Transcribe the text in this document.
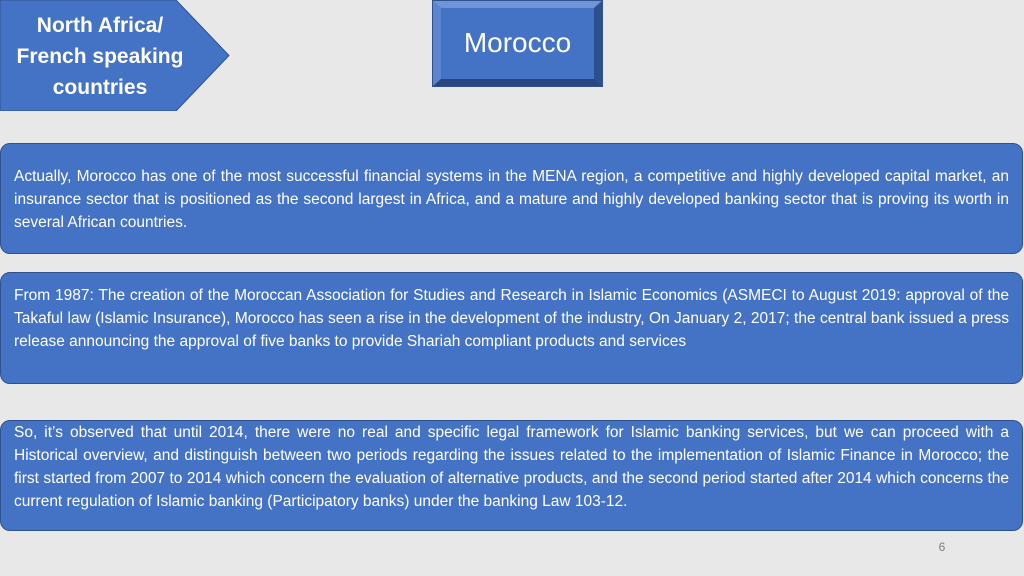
North Africa/
French speaking
countries
Morocco
Actually, Morocco has one of the most successful financial systems in the MENA region, a competitive and highly developed capital market, an insurance sector that is positioned as the second largest in Africa, and a mature and highly developed banking sector that is proving its worth in several African countries.
From 1987: The creation of the Moroccan Association for Studies and Research in Islamic Economics (ASMECI to August 2019: approval of the Takaful law (Islamic Insurance), Morocco has seen a rise in the development of the industry, On January 2, 2017; the central bank issued a press release announcing the approval of five banks to provide Shariah compliant products and services
So, it’s observed that until 2014, there were no real and specific legal framework for Islamic banking services, but we can proceed with a Historical overview, and distinguish between two periods regarding the issues related to the implementation of Islamic Finance in Morocco; the first started from 2007 to 2014 which concern the evaluation of alternative products, and the second period started after 2014 which concerns the current regulation of Islamic banking (Participatory banks) under the banking Law 103-12.
6
